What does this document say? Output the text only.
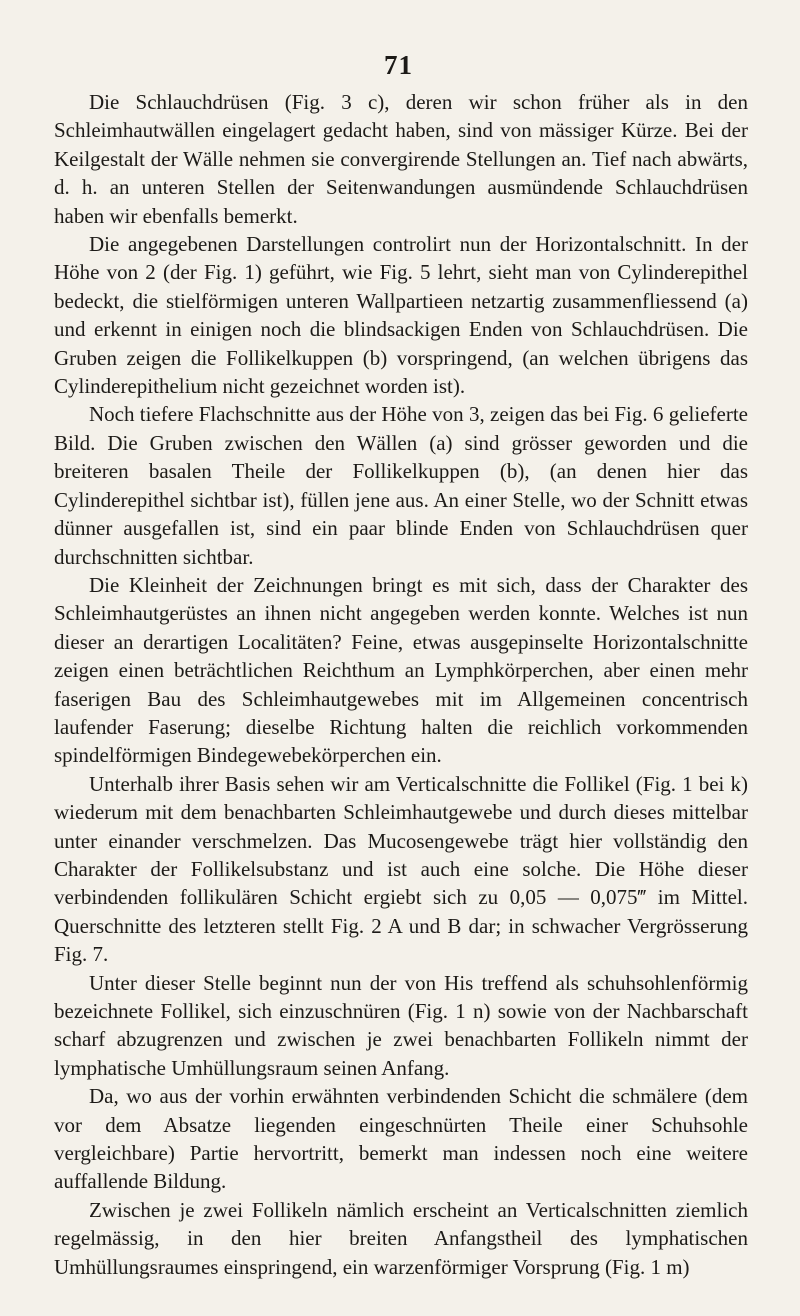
71

Die Schlauchdrüsen (Fig. 3 c), deren wir schon früher als in den Schleimhautwällen eingelagert gedacht haben, sind von mässiger Kürze. Bei der Keilgestalt der Wälle nehmen sie convergirende Stellungen an. Tief nach abwärts, d. h. an unteren Stellen der Seitenwandungen ausmündende Schlauchdrüsen haben wir ebenfalls bemerkt.

Die angegebenen Darstellungen controlirt nun der Horizontalschnitt. In der Höhe von 2 (der Fig. 1) geführt, wie Fig. 5 lehrt, sieht man von Cylinderepithel bedeckt, die stielförmigen unteren Wallpartieen netzartig zusammenfliessend (a) und erkennt in einigen noch die blindsackigen Enden von Schlauchdrüsen. Die Gruben zeigen die Follikelkuppen (b) vorspringend, (an welchen übrigens das Cylinderepithelium nicht gezeichnet worden ist).

Noch tiefere Flachschnitte aus der Höhe von 3, zeigen das bei Fig. 6 gelieferte Bild. Die Gruben zwischen den Wällen (a) sind grösser geworden und die breiteren basalen Theile der Follikelkuppen (b), (an denen hier das Cylinderepithel sichtbar ist), füllen jene aus. An einer Stelle, wo der Schnitt etwas dünner ausgefallen ist, sind ein paar blinde Enden von Schlauchdrüsen quer durchschnitten sichtbar.

Die Kleinheit der Zeichnungen bringt es mit sich, dass der Charakter des Schleimhautgerüstes an ihnen nicht angegeben werden konnte. Welches ist nun dieser an derartigen Localitäten? Feine, etwas ausgepinselte Horizontalschnitte zeigen einen beträchtlichen Reichthum an Lymphkörperchen, aber einen mehr faserigen Bau des Schleimhautgewebes mit im Allgemeinen concentrisch laufender Faserung; dieselbe Richtung halten die reichlich vorkommenden spindelförmigen Bindegewebekörperchen ein.

Unterhalb ihrer Basis sehen wir am Verticalschnitte die Follikel (Fig. 1 bei k) wiederum mit dem benachbarten Schleimhautgewebe und durch dieses mittelbar unter einander verschmelzen. Das Mucosengewebe trägt hier vollständig den Charakter der Follikelsubstanz und ist auch eine solche. Die Höhe dieser verbindenden follikulären Schicht ergiebt sich zu 0,05 — 0,075‴ im Mittel. Querschnitte des letzteren stellt Fig. 2 A und B dar; in schwacher Vergrösserung Fig. 7.

Unter dieser Stelle beginnt nun der von His treffend als schuhsohlenförmig bezeichnete Follikel, sich einzuschnüren (Fig. 1 n) sowie von der Nachbarschaft scharf abzugrenzen und zwischen je zwei benachbarten Follikeln nimmt der lymphatische Umhüllungsraum seinen Anfang.

Da, wo aus der vorhin erwähnten verbindenden Schicht die schmälere (dem vor dem Absatze liegenden eingeschnürten Theile einer Schuhsohle vergleichbare) Partie hervortritt, bemerkt man indessen noch eine weitere auffallende Bildung.

Zwischen je zwei Follikeln nämlich erscheint an Verticalschnitten ziemlich regelmässig, in den hier breiten Anfangstheil des lymphatischen Umhüllungsraumes einspringend, ein warzenförmiger Vorsprung (Fig. 1 m)
